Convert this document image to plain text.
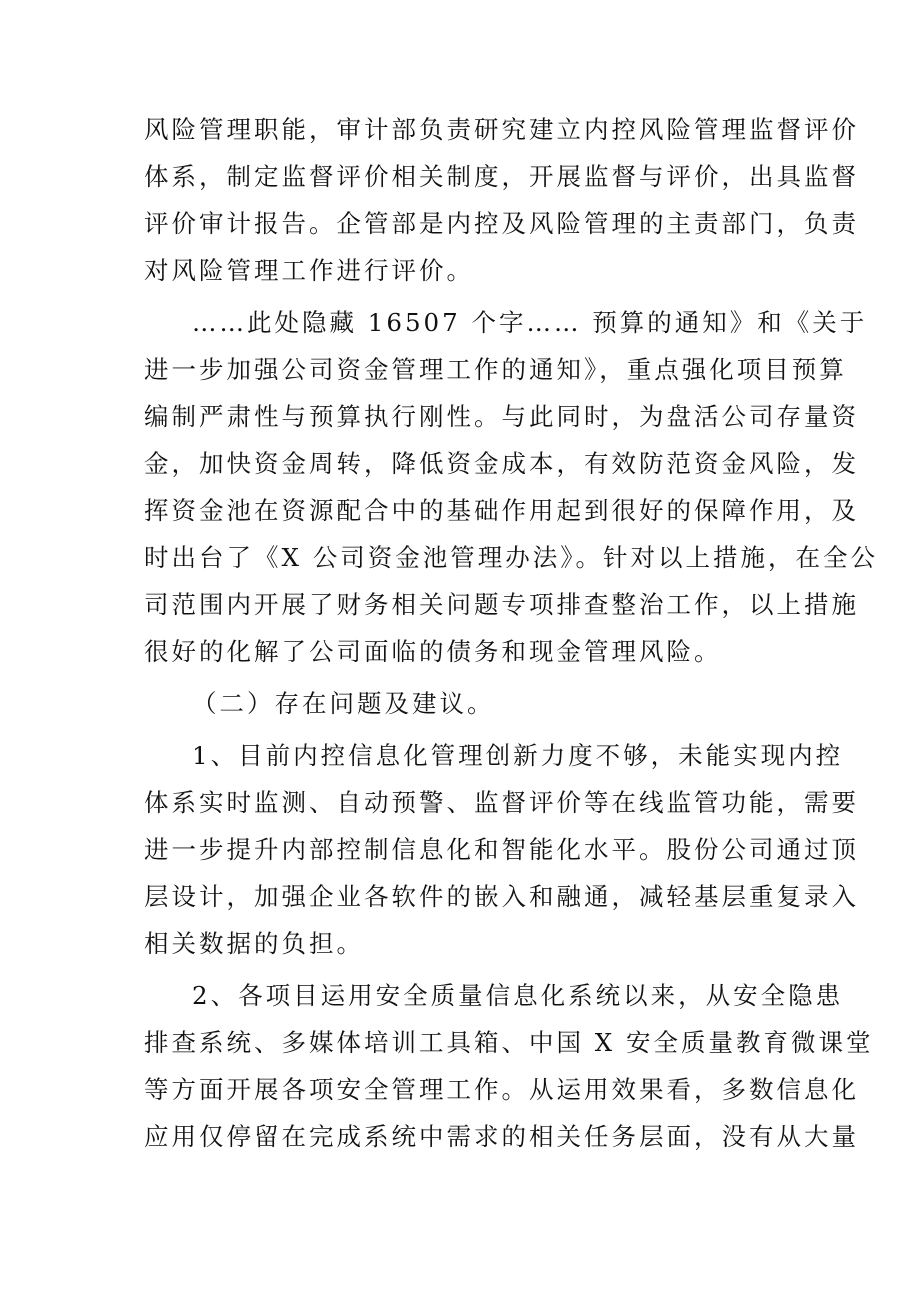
风险管理职能，审计部负责研究建立内控风险管理监督评价
体系，制定监督评价相关制度，开展监督与评价，出具监督
评价审计报告。企管部是内控及风险管理的主责部门，负责
对风险管理工作进行评价。
……此处隐藏 16507 个字…… 预算的通知》和《关于
进一步加强公司资金管理工作的通知》，重点强化项目预算
编制严肃性与预算执行刚性。与此同时，为盘活公司存量资
金，加快资金周转，降低资金成本，有效防范资金风险，发
挥资金池在资源配合中的基础作用起到很好的保障作用，及
时出台了《X 公司资金池管理办法》。针对以上措施，在全公
司范围内开展了财务相关问题专项排查整治工作，以上措施
很好的化解了公司面临的债务和现金管理风险。
（二）存在问题及建议。
1、目前内控信息化管理创新力度不够，未能实现内控
体系实时监测、自动预警、监督评价等在线监管功能，需要
进一步提升内部控制信息化和智能化水平。股份公司通过顶
层设计，加强企业各软件的嵌入和融通，减轻基层重复录入
相关数据的负担。
2、各项目运用安全质量信息化系统以来，从安全隐患
排查系统、多媒体培训工具箱、中国 X 安全质量教育微课堂
等方面开展各项安全管理工作。从运用效果看，多数信息化
应用仅停留在完成系统中需求的相关任务层面，没有从大量
